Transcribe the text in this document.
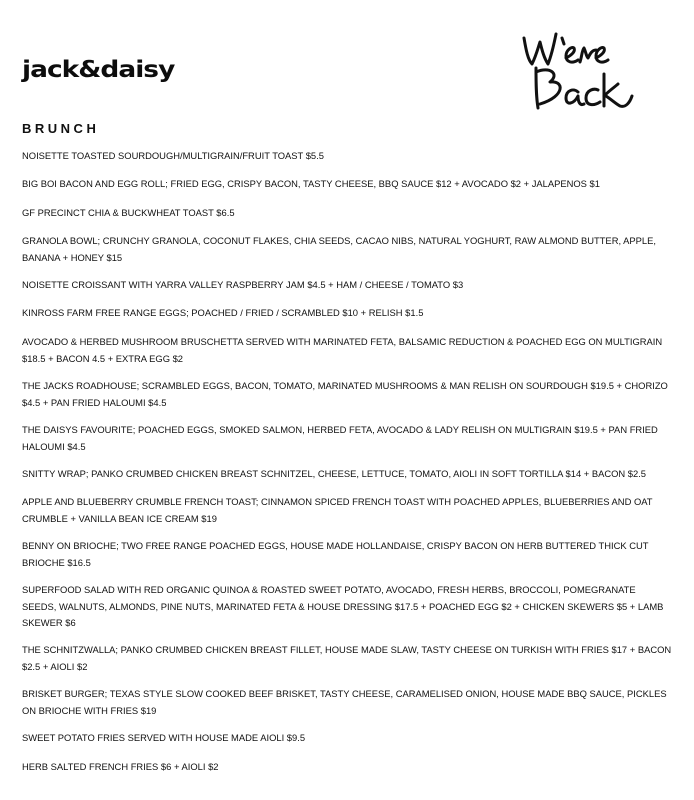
jack&daisy
BRUNCH
NOISETTE TOASTED SOURDOUGH/MULTIGRAIN/FRUIT TOAST $5.5
BIG BOI BACON AND EGG ROLL; FRIED EGG, CRISPY BACON, TASTY CHEESE, BBQ SAUCE $12 + AVOCADO $2 + JALAPENOS $1
GF PRECINCT CHIA & BUCKWHEAT TOAST $6.5
GRANOLA BOWL; CRUNCHY GRANOLA, COCONUT FLAKES, CHIA SEEDS, CACAO NIBS, NATURAL YOGHURT, RAW ALMOND BUTTER, APPLE, BANANA + HONEY $15
NOISETTE CROISSANT WITH YARRA VALLEY RASPBERRY JAM $4.5 + HAM / CHEESE / TOMATO $3
KINROSS FARM FREE RANGE EGGS; POACHED / FRIED / SCRAMBLED $10 + RELISH $1.5
AVOCADO & HERBED MUSHROOM BRUSCHETTA SERVED WITH MARINATED FETA, BALSAMIC REDUCTION & POACHED EGG ON MULTIGRAIN $18.5 + BACON 4.5 + EXTRA EGG $2
THE JACKS ROADHOUSE; SCRAMBLED EGGS, BACON, TOMATO, MARINATED MUSHROOMS & MAN RELISH ON SOURDOUGH $19.5 + CHORIZO $4.5 + PAN FRIED HALOUMI $4.5
THE DAISYS FAVOURITE; POACHED EGGS, SMOKED SALMON, HERBED FETA, AVOCADO & LADY RELISH ON MULTIGRAIN $19.5 + PAN FRIED HALOUMI $4.5
SNITTY WRAP; PANKO CRUMBED CHICKEN BREAST SCHNITZEL, CHEESE, LETTUCE, TOMATO, AIOLI IN SOFT TORTILLA $14 + BACON $2.5
APPLE AND BLUEBERRY CRUMBLE FRENCH TOAST; CINNAMON SPICED FRENCH TOAST WITH POACHED APPLES, BLUEBERRIES AND OAT CRUMBLE + VANILLA BEAN ICE CREAM $19
BENNY ON BRIOCHE; TWO FREE RANGE POACHED EGGS, HOUSE MADE HOLLANDAISE, CRISPY BACON ON HERB BUTTERED THICK CUT BRIOCHE $16.5
SUPERFOOD SALAD WITH RED ORGANIC QUINOA & ROASTED SWEET POTATO, AVOCADO, FRESH HERBS, BROCCOLI, POMEGRANATE SEEDS, WALNUTS, ALMONDS, PINE NUTS, MARINATED FETA & HOUSE DRESSING $17.5 + POACHED EGG $2 + CHICKEN SKEWERS $5 + LAMB SKEWER $6
THE SCHNITZWALLA; PANKO CRUMBED CHICKEN BREAST FILLET, HOUSE MADE SLAW, TASTY CHEESE ON TURKISH WITH FRIES $17 + BACON $2.5 + AIOLI $2
BRISKET BURGER; TEXAS STYLE SLOW COOKED BEEF BRISKET, TASTY CHEESE, CARAMELISED ONION, HOUSE MADE BBQ SAUCE, PICKLES ON BRIOCHE WITH FRIES $19
SWEET POTATO FRIES SERVED WITH HOUSE MADE AIOLI $9.5
HERB SALTED FRENCH FRIES $6 + AIOLI $2
